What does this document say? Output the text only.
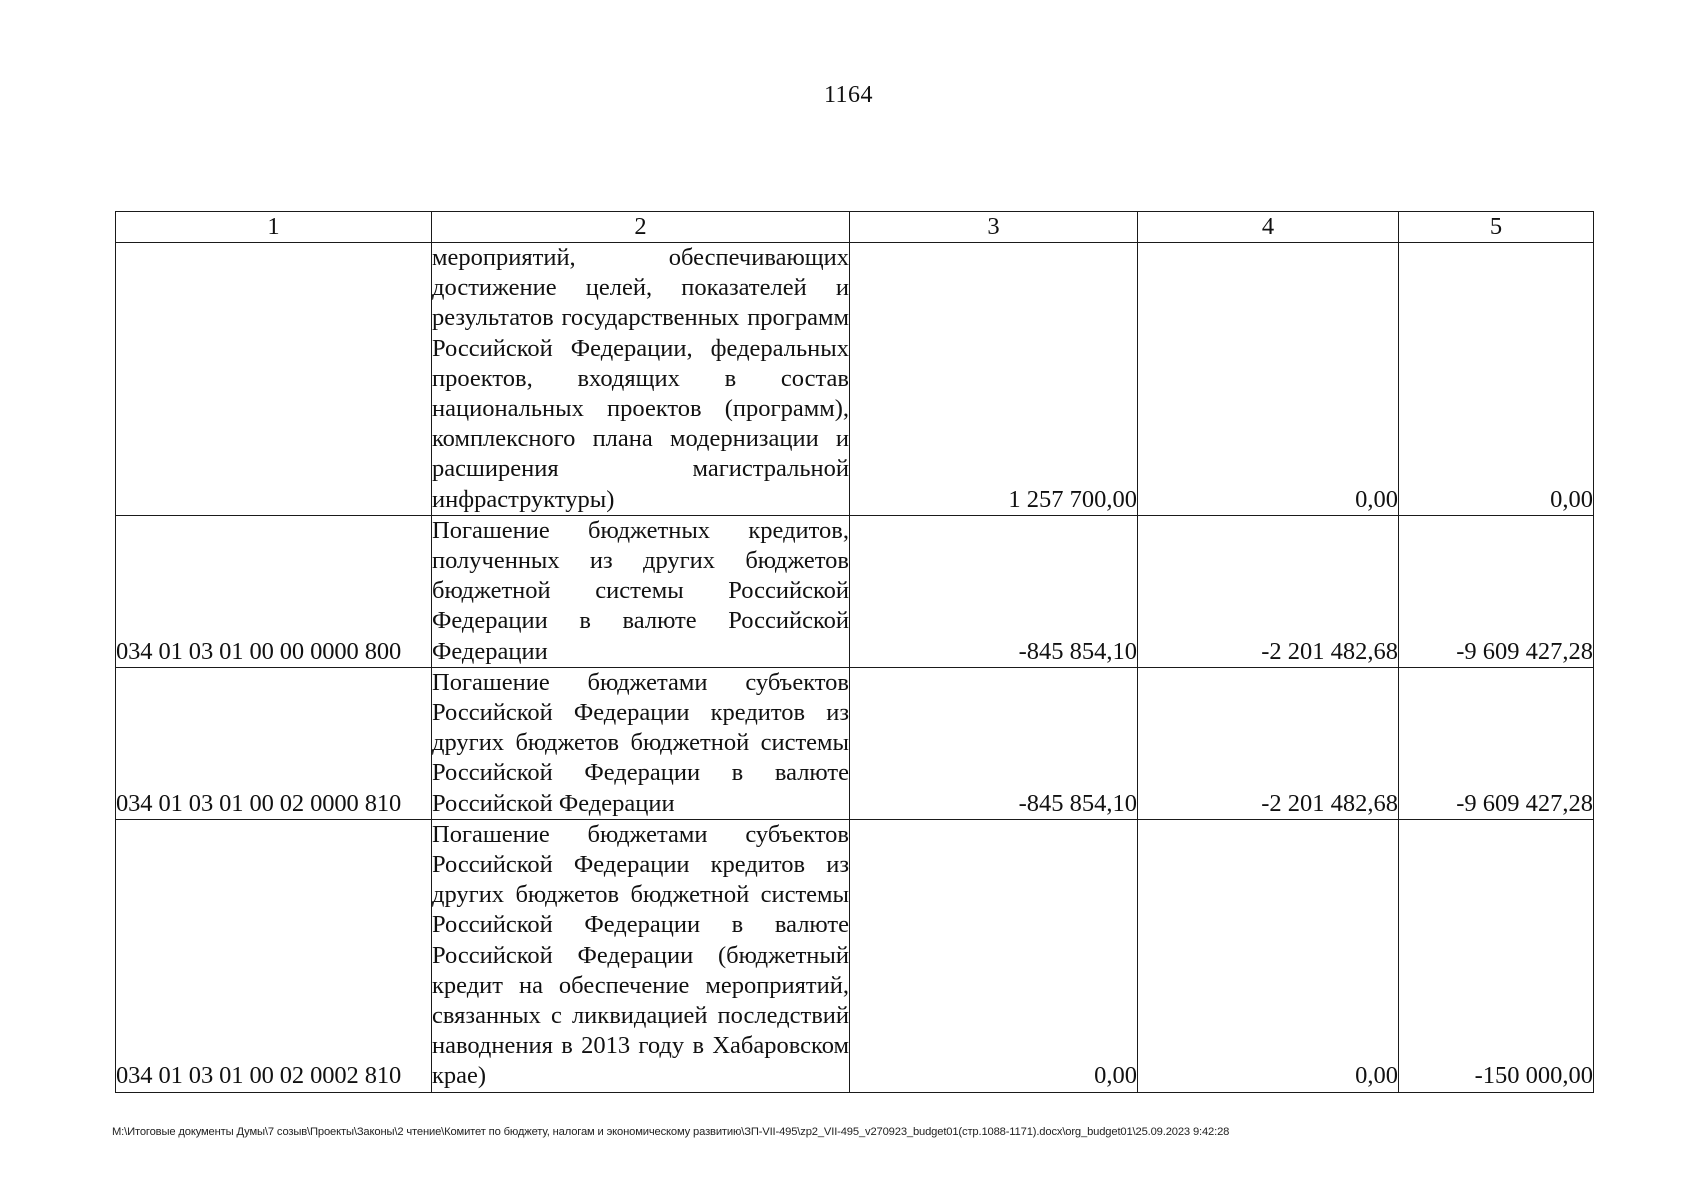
1164
1	2	3	4	5
	мероприятий, обеспечивающих достижение целей, показателей и результатов государственных программ Российской Федерации, федеральных проектов, входящих в состав национальных проектов (программ), комплексного плана модернизации и расширения магистральной инфраструктуры)	1 257 700,00	0,00	0,00
034 01 03 01 00 00 0000 800	Погашение бюджетных кредитов, полученных из других бюджетов бюджетной системы Российской Федерации в валюте Российской Федерации	-845 854,10	-2 201 482,68	-9 609 427,28
034 01 03 01 00 02 0000 810	Погашение бюджетами субъектов Российской Федерации кредитов из других бюджетов бюджетной системы Российской Федерации в валюте Российской Федерации	-845 854,10	-2 201 482,68	-9 609 427,28
034 01 03 01 00 02 0002 810	Погашение бюджетами субъектов Российской Федерации кредитов из других бюджетов бюджетной системы Российской Федерации в валюте Российской Федерации (бюджетный кредит на обеспечение мероприятий, связанных с ликвидацией последствий наводнения в 2013 году в Хабаровском крае)	0,00	0,00	-150 000,00
М:\Итоговые документы Думы\7 созыв\Проекты\Законы\2 чтение\Комитет по бюджету, налогам и экономическому развитию\ЗП-VII-495\zp2_VII-495_v270923_budget01(стр.1088-1171).docx\org_budget01\25.09.2023 9:42:28
